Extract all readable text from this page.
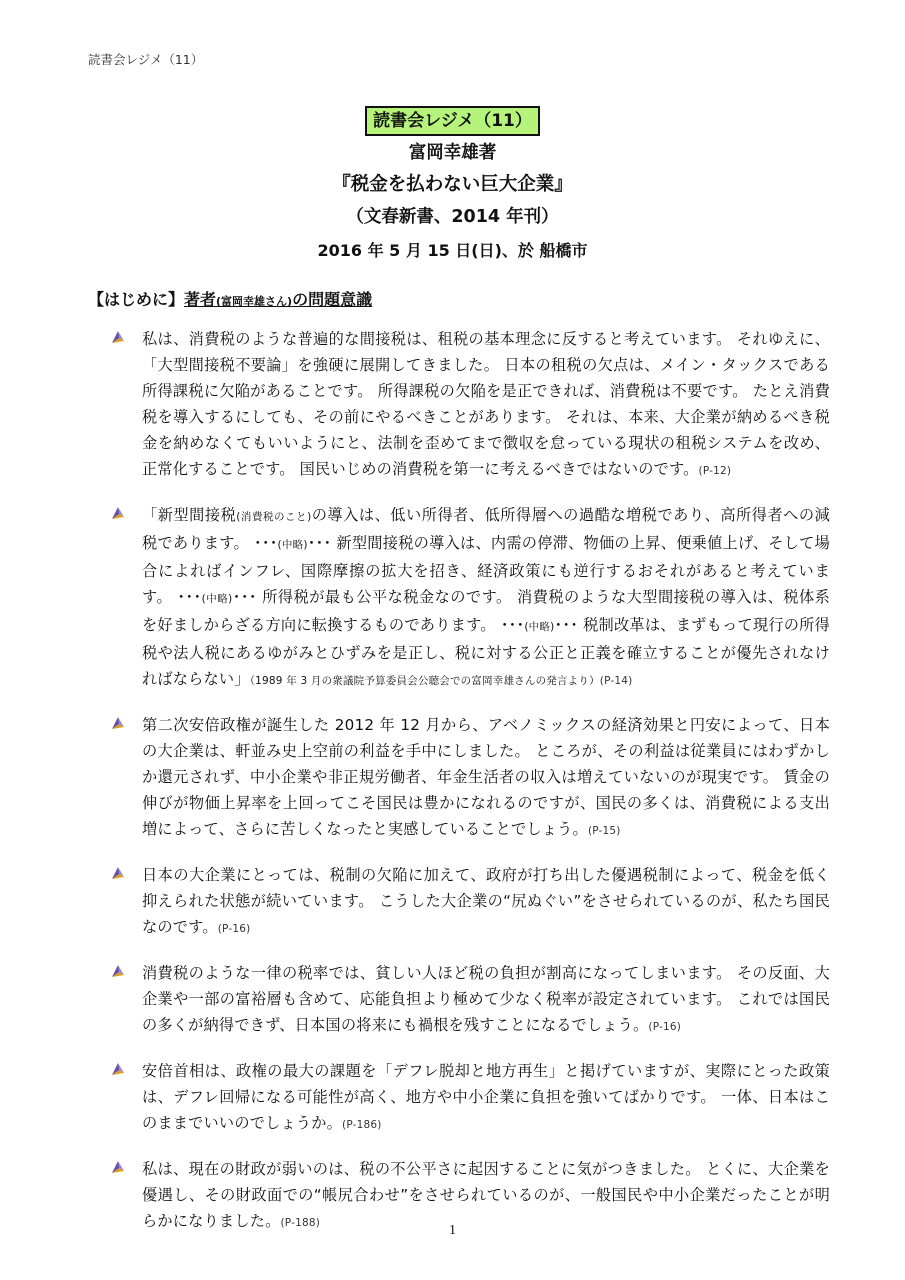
読書会レジメ（11）
読書会レジメ（11）
富岡幸雄著
『税金を払わない巨大企業』
（文春新書、2014 年刊）
2016 年 5 月 15 日(日)、於 船橋市
【はじめに】著者(富岡幸雄さん)の問題意識
私は、消費税のような普遍的な間接税は、租税の基本理念に反すると考えています。 それゆえに、「大型間接税不要論」を強硬に展開してきました。 日本の租税の欠点は、メイン・タックスである所得課税に欠陥があることです。 所得課税の欠陥を是正できれば、消費税は不要です。 たとえ消費税を導入するにしても、その前にやるべきことがあります。 それは、本来、大企業が納めるべき税金を納めなくてもいいようにと、法制を歪めてまで徴収を怠っている現状の租税システムを改め、正常化することです。 国民いじめの消費税を第一に考えるべきではないのです。(P-12)
「新型間接税(消費税のこと)の導入は、低い所得者、低所得層への過酷な増税であり、高所得者への減税であります。 ･･･(中略)･･･ 新型間接税の導入は、内需の停滞、物価の上昇、便乗値上げ、そして場合によればインフレ、国際摩擦の拡大を招き、経済政策にも逆行するおそれがあると考えています。 ･･･(中略)･･･ 所得税が最も公平な税金なのです。 消費税のような大型間接税の導入は、税体系を好ましからざる方向に転換するものであります。 ･･･(中略)･･･ 税制改革は、まずもって現行の所得税や法人税にあるゆがみとひずみを是正し、税に対する公正と正義を確立することが優先されなければならない」（1989 年 3 月の衆議院予算委員会公聴会での富岡幸雄さんの発言より）(P-14)
第二次安倍政権が誕生した 2012 年 12 月から、アベノミックスの経済効果と円安によって、日本の大企業は、軒並み史上空前の利益を手中にしました。 ところが、その利益は従業員にはわずかしか還元されず、中小企業や非正規労働者、年金生活者の収入は増えていないのが現実です。 賃金の伸びが物価上昇率を上回ってこそ国民は豊かになれるのですが、国民の多くは、消費税による支出増によって、さらに苦しくなったと実感していることでしょう。(P-15)
日本の大企業にとっては、税制の欠陥に加えて、政府が打ち出した優遇税制によって、税金を低く抑えられた状態が続いています。 こうした大企業の“尻ぬぐい”をさせられているのが、私たち国民なのです。(P-16)
消費税のような一律の税率では、貧しい人ほど税の負担が割高になってしまいます。 その反面、大企業や一部の富裕層も含めて、応能負担より極めて少なく税率が設定されています。 これでは国民の多くが納得できず、日本国の将来にも禍根を残すことになるでしょう。(P-16)
安倍首相は、政権の最大の課題を「デフレ脱却と地方再生」と掲げていますが、実際にとった政策は、デフレ回帰になる可能性が高く、地方や中小企業に負担を強いてばかりです。 一体、日本はこのままでいいのでしょうか。(P-186)
私は、現在の財政が弱いのは、税の不公平さに起因することに気がつきました。 とくに、大企業を優遇し、その財政面での“帳尻合わせ”をさせられているのが、一般国民や中小企業だったことが明らかになりました。(P-188)	1
